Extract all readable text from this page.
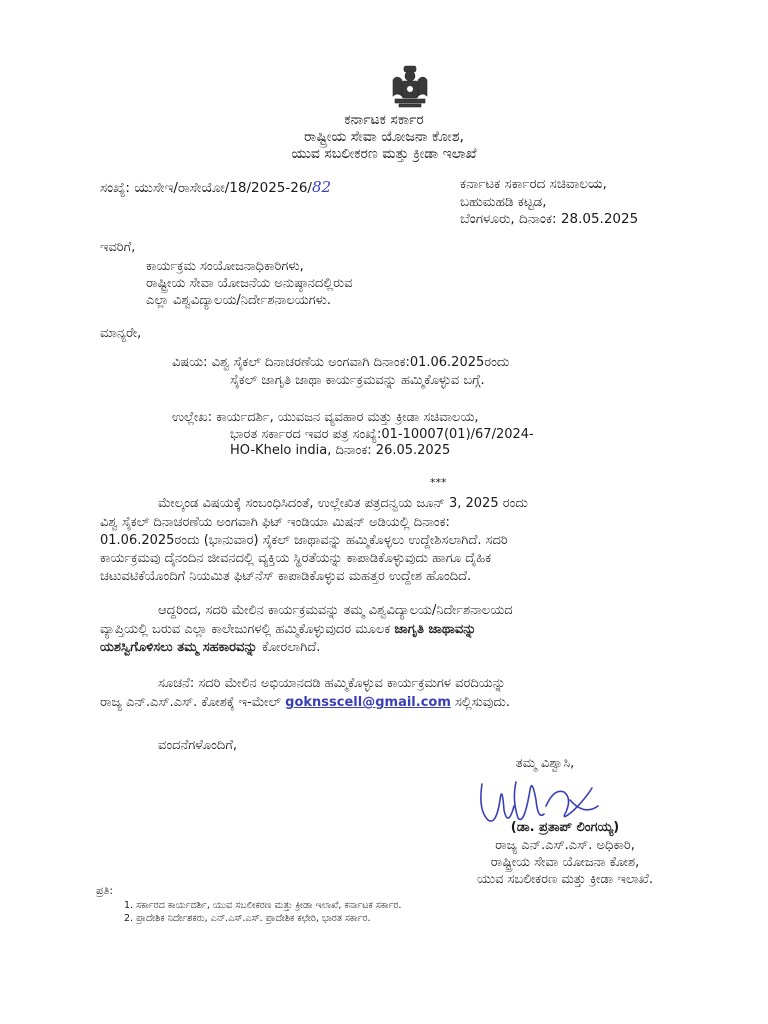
ಕರ್ನಾಟಕ ಸರ್ಕಾರ
ರಾಷ್ಟ್ರೀಯ ಸೇವಾ ಯೋಜನಾ ಕೋಶ,
ಯುವ ಸಬಲೀಕರಣ ಮತ್ತು ಕ್ರೀಡಾ ಇಲಾಖೆ
ಸಂಖ್ಯೆ: ಯುಸೇಇ/ರಾಸೇಯೋ/18/2025-26/82	ಕರ್ನಾಟಕ ಸರ್ಕಾರದ ಸಚಿವಾಲಯ,
ಬಹುಮಹಡಿ ಕಟ್ಟಡ,
ಬೆಂಗಳೂರು, ದಿನಾಂಕ: 28.05.2025
ಇವರಿಗೆ,
ಕಾರ್ಯಕ್ರಮ ಸಂಯೋಜನಾಧಿಕಾರಿಗಳು,
ರಾಷ್ಟ್ರೀಯ ಸೇವಾ ಯೋಜನೆಯ ಅನುಷ್ಠಾನದಲ್ಲಿರುವ
ಎಲ್ಲಾ ವಿಶ್ವವಿದ್ಯಾಲಯ/ನಿರ್ದೇಶನಾಲಯಗಳು.
ಮಾನ್ಯರೇ,
ವಿಷಯ: ವಿಶ್ವ ಸೈಕಲ್ ದಿನಾಚರಣೆಯ ಅಂಗವಾಗಿ ದಿನಾಂಕ:01.06.2025ರಂದು
ಸೈಕಲ್ ಜಾಗೃತಿ ಜಾಥಾ ಕಾರ್ಯಕ್ರಮವನ್ನು ಹಮ್ಮಿಕೊಳ್ಳುವ ಬಗ್ಗೆ.
ಉಲ್ಲೇಖ: ಕಾರ್ಯದರ್ಶಿ, ಯುವಜನ ವ್ಯವಹಾರ ಮತ್ತು ಕ್ರೀಡಾ ಸಚಿವಾಲಯ,
ಭಾರತ ಸರ್ಕಾರದ ಇವರ ಪತ್ರ ಸಂಖ್ಯೆ:01-10007(01)/67/2024-
HO-Khelo india, ದಿನಾಂಕ: 26.05.2025
***
ಮೇಲ್ಕಂಡ ವಿಷಯಕ್ಕೆ ಸಂಬಂಧಿಸಿದಂತೆ, ಉಲ್ಲೇಖಿತ ಪತ್ರದನ್ವಯ ಜೂನ್ 3, 2025 ರಂದು
ವಿಶ್ವ ಸೈಕಲ್ ದಿನಾಚರಣೆಯ ಅಂಗವಾಗಿ ಫಿಟ್ ಇಂಡಿಯಾ ಮಿಷನ್ ಅಡಿಯಲ್ಲಿ ದಿನಾಂಕ:
01.06.2025ರಂದು (ಭಾನುವಾರ) ಸೈಕಲ್ ಜಾಥಾವನ್ನು ಹಮ್ಮಿಕೊಳ್ಳಲು ಉದ್ದೇಶಿಸಲಾಗಿದೆ. ಸದರಿ
ಕಾರ್ಯಕ್ರಮವು ದೈನಂದಿನ ಜೀವನದಲ್ಲಿ ವ್ಯಕ್ತಿಯ ಸ್ಥಿರತೆಯನ್ನು ಕಾಪಾಡಿಕೊಳ್ಳುವುದು ಹಾಗೂ ದೈಹಿಕ
ಚಟುವಟಿಕೆಯೊಂದಿಗೆ ನಿಯಮಿತ ಫಿಟ್‌ನೆಸ್ ಕಾಪಾಡಿಕೊಳ್ಳುವ ಮಹತ್ತರ ಉದ್ದೇಶ ಹೊಂದಿದೆ.
ಆದ್ದರಿಂದ, ಸದರಿ ಮೇಲಿನ ಕಾರ್ಯಕ್ರಮವನ್ನು ತಮ್ಮ ವಿಶ್ವವಿದ್ಯಾಲಯ/ನಿರ್ದೇಶನಾಲಯದ
ವ್ಯಾಪ್ತಿಯಲ್ಲಿ ಬರುವ ಎಲ್ಲಾ ಕಾಲೇಜುಗಳಲ್ಲಿ ಹಮ್ಮಿಕೊಳ್ಳುವುದರ ಮೂಲಕ ಜಾಗೃತಿ ಜಾಥಾವನ್ನು
ಯಶಸ್ವಿಗೊಳಿಸಲು ತಮ್ಮ ಸಹಕಾರವನ್ನು ಕೋರಲಾಗಿದೆ.
ಸೂಚನೆ: ಸದರಿ ಮೇಲಿನ ಅಭಿಯಾನದಡಿ ಹಮ್ಮಿಕೊಳ್ಳುವ ಕಾರ್ಯಕ್ರಮಗಳ ವರದಿಯನ್ನು
ರಾಜ್ಯ ಎನ್.ಎಸ್.ಎಸ್. ಕೋಶಕ್ಕೆ ಇ-ಮೇಲ್ goknsscell@gmail.com ಸಲ್ಲಿಸುವುದು.
ವಂದನೆಗಳೊಂದಿಗೆ,
ತಮ್ಮ ವಿಶ್ವಾಸಿ,
(ಡಾ. ಪ್ರತಾಪ್ ಲಿಂಗಯ್ಯ)
ರಾಜ್ಯ ಎನ್.ಎಸ್.ಎಸ್. ಅಧಿಕಾರಿ,
ರಾಷ್ಟ್ರೀಯ ಸೇವಾ ಯೋಜನಾ ಕೋಶ,
ಯುವ ಸಬಲೀಕರಣ ಮತ್ತು ಕ್ರೀಡಾ ಇಲಾಖೆ.
ಪ್ರತಿ:
1. ಸರ್ಕಾರದ ಕಾರ್ಯದರ್ಶಿ, ಯುವ ಸಬಲೀಕರಣ ಮತ್ತು ಕ್ರೀಡಾ ಇಲಾಖೆ, ಕರ್ನಾಟಕ ಸರ್ಕಾರ.
2. ಪ್ರಾದೇಶಿಕ ನಿರ್ದೇಶಕರು, ಎನ್.ಎಸ್.ಎಸ್. ಪ್ರಾದೇಶಿಕ ಕಛೇರಿ, ಭಾರತ ಸರ್ಕಾರ.
